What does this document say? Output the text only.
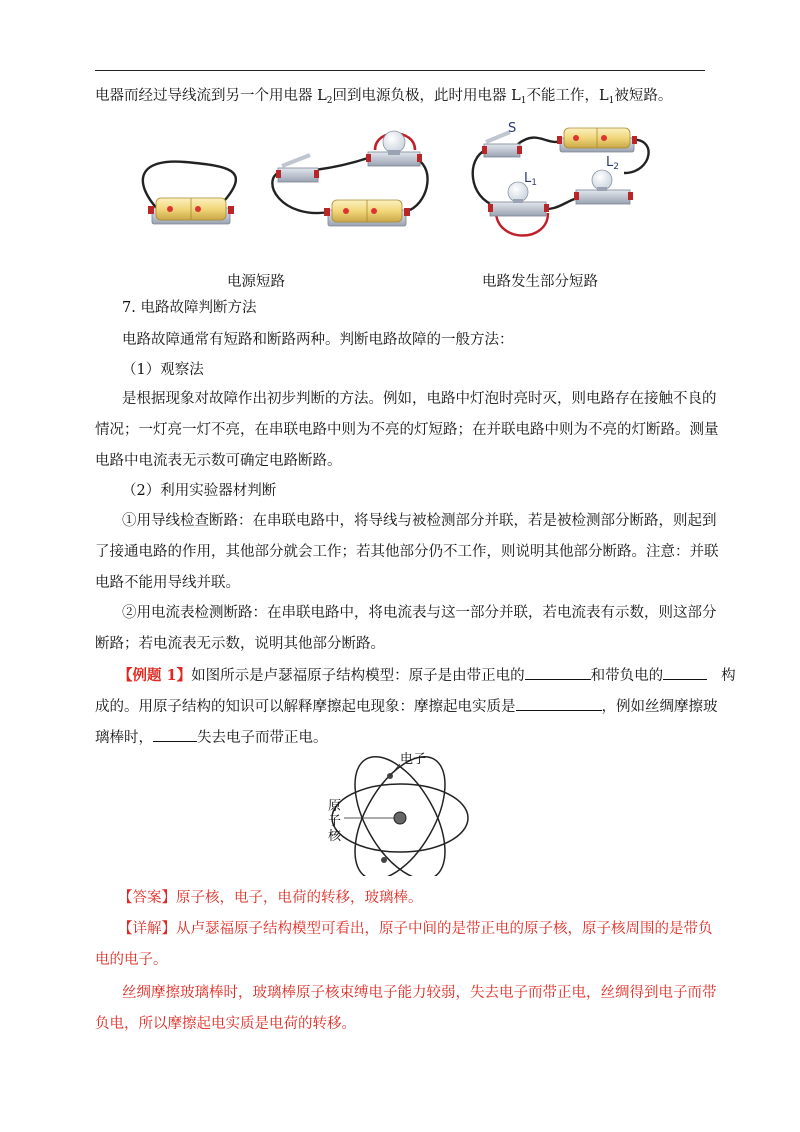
电器而经过导线流到另一个用电器 $L_2$回到电源负极，此时用电器 $L_1$不能工作，$L_1$被短路。
S
$L_1$
$L_2$
电源短路	电路发生部分短路
7. 电路故障判断方法
电路故障通常有短路和断路两种。判断电路故障的一般方法：
（1）观察法
是根据现象对故障作出初步判断的方法。例如，电路中灯泡时亮时灭，则电路存在接触不良的
情况；一灯亮一灯不亮，在串联电路中则为不亮的灯短路；在并联电路中则为不亮的灯断路。测量
电路中电流表无示数可确定电路断路。
（2）利用实验器材判断
①用导线检查断路：在串联电路中，将导线与被检测部分并联，若是被检测部分断路，则起到
了接通电路的作用，其他部分就会工作；若其他部分仍不工作，则说明其他部分断路。注意：并联
电路不能用导线并联。
②用电流表检测断路：在串联电路中，将电流表与这一部分并联，若电流表有示数，则这部分
断路；若电流表无示数，说明其他部分断路。
【例题 1】如图所示是卢瑟福原子结构模型：原子是由带正电的	和带负电的	构
成的。用原子结构的知识可以解释摩擦起电现象：摩擦起电实质是	，例如丝绸摩擦玻
璃棒时，	失去电子而带正电。
电子
原
子
核
【答案】原子核，电子，电荷的转移，玻璃棒。
【详解】从卢瑟福原子结构模型可看出，原子中间的是带正电的原子核，原子核周围的是带负
电的电子。
丝绸摩擦玻璃棒时，玻璃棒原子核束缚电子能力较弱，失去电子而带正电，丝绸得到电子而带
负电，所以摩擦起电实质是电荷的转移。
